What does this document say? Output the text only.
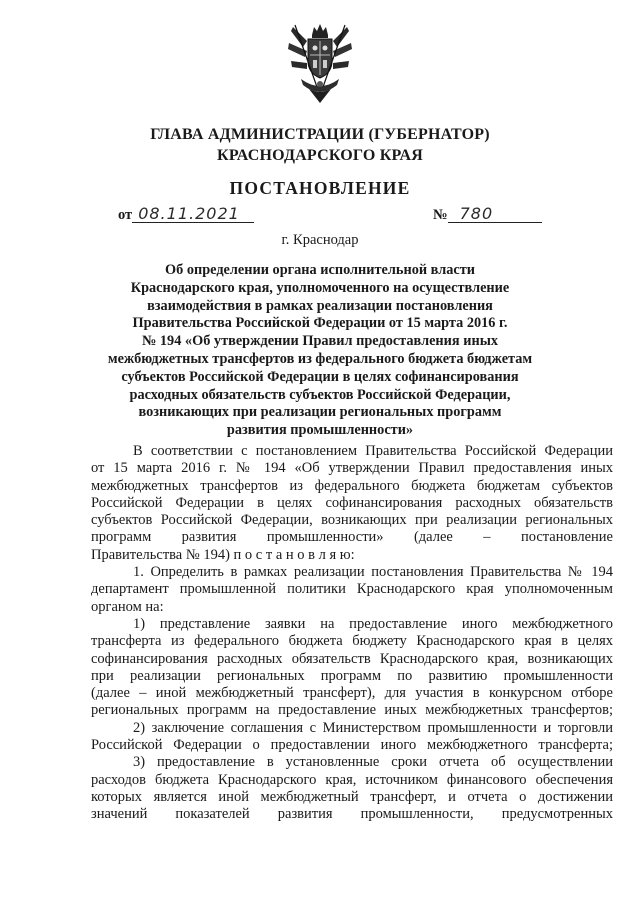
ГЛАВА АДМИНИСТРАЦИИ (ГУБЕРНАТОР)
КРАСНОДАРСКОГО КРАЯ
ПОСТАНОВЛЕНИЕ
от 08.11.2021	№ 780
г. Краснодар
Об определении органа исполнительной власти
Краснодарского края, уполномоченного на осуществление
взаимодействия в рамках реализации постановления
Правительства Российской Федерации от 15 марта 2016 г.
№ 194 «Об утверждении Правил предоставления иных
межбюджетных трансфертов из федерального бюджета бюджетам
субъектов Российской Федерации в целях софинансирования
расходных обязательств субъектов Российской Федерации,
возникающих при реализации региональных программ
развития промышленности»
В соответствии с постановлением Правительства Российской Федерации
от 15 марта 2016 г. № 194 «Об утверждении Правил предоставления иных
межбюджетных трансфертов из федерального бюджета бюджетам субъектов
Российской Федерации в целях софинансирования расходных обязательств
субъектов Российской Федерации, возникающих при реализации региональных
программ развития промышленности» (далее – постановление
Правительства № 194) п о с т а н о в л я ю:
1. Определить в рамках реализации постановления Правительства № 194
департамент промышленной политики Краснодарского края уполномоченным
органом на:
1) представление заявки на предоставление иного межбюджетного
трансферта из федерального бюджета бюджету Краснодарского края в целях
софинансирования расходных обязательств Краснодарского края, возникающих
при реализации региональных программ по развитию промышленности
(далее – иной межбюджетный трансферт), для участия в конкурсном отборе
региональных программ на предоставление иных межбюджетных трансфертов;
2) заключение соглашения с Министерством промышленности и торговли
Российской Федерации о предоставлении иного межбюджетного трансферта;
3) предоставление в установленные сроки отчета об осуществлении
расходов бюджета Краснодарского края, источником финансового обеспечения
которых является иной межбюджетный трансферт, и отчета о достижении
значений показателей развития промышленности, предусмотренных
